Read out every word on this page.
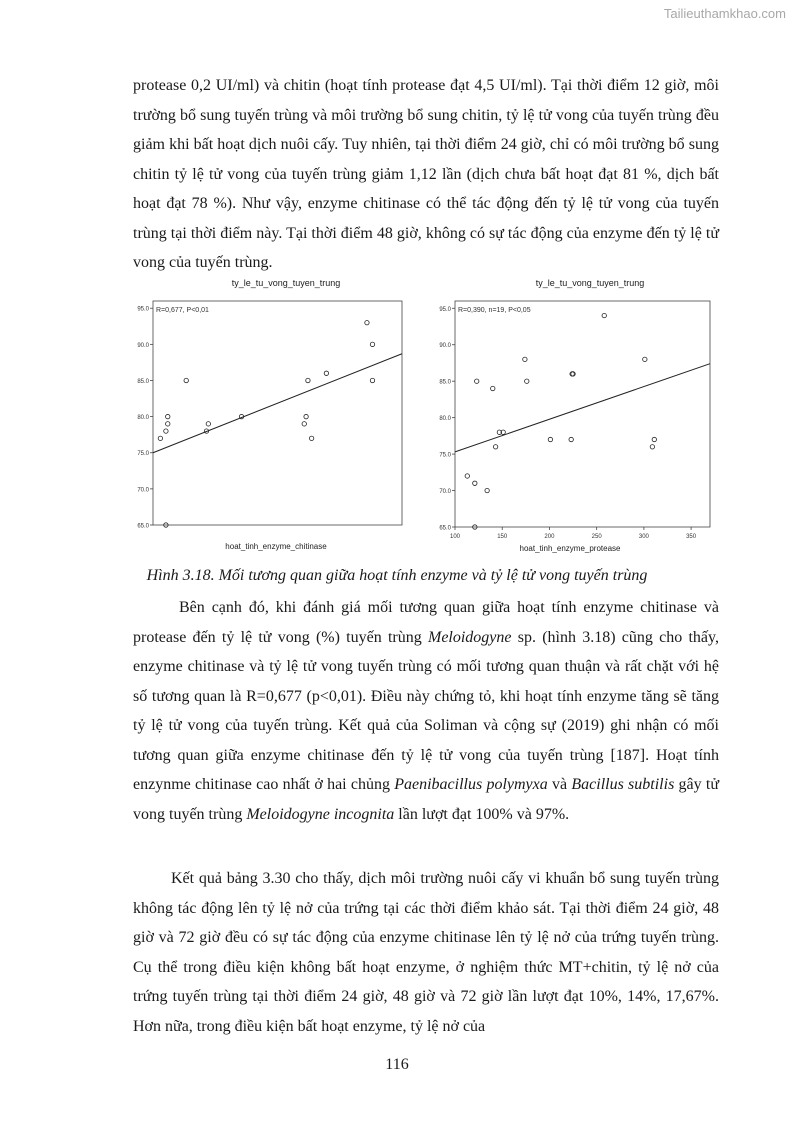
Tailieuthamkhao.com

protease 0,2 UI/ml) và chitin (hoạt tính protease đạt 4,5 UI/ml). Tại thời điểm 12 giờ, môi trường bổ sung tuyến trùng và môi trường bổ sung chitin, tỷ lệ tử vong của tuyến trùng đều giảm khi bất hoạt dịch nuôi cấy. Tuy nhiên, tại thời điểm 24 giờ, chỉ có môi trường bổ sung chitin tỷ lệ tử vong của tuyến trùng giảm 1,12 lần (dịch chưa bất hoạt đạt 81 %, dịch bất hoạt đạt 78 %). Như vậy, enzyme chitinase có thể tác động đến tỷ lệ tử vong của tuyến trùng tại thời điểm này. Tại thời điểm 48 giờ, không có sự tác động của enzyme đến tỷ lệ tử vong của tuyến trùng.

ty_le_tu_vong_tuyen_trung
R=0,677, P<0,01
65.0
70.0
75.0
80.0
85.0
90.0
95.0
hoat_tinh_enzyme_chitinase
ty_le_tu_vong_tuyen_trung
R=0,390, n=19, P<0,05
65.0
70.0
75.0
80.0
85.0
90.0
95.0
100	150	200	250	300	350
hoat_tinh_enzyme_protease
Hình 3.18. Mối tương quan giữa hoạt tính enzyme và tỷ lệ tử vong tuyến trùng

Bên cạnh đó, khi đánh giá mối tương quan giữa hoạt tính enzyme chitinase và protease đến tỷ lệ tử vong (%) tuyến trùng Meloidogyne sp. (hình 3.18) cũng cho thấy, enzyme chitinase và tỷ lệ tử vong tuyến trùng có mối tương quan thuận và rất chặt với hệ số tương quan là R=0,677 (p<0,01). Điều này chứng tỏ, khi hoạt tính enzyme tăng sẽ tăng tỷ lệ tử vong của tuyến trùng. Kết quả của Soliman và cộng sự (2019) ghi nhận có mối tương quan giữa enzyme chitinase đến tỷ lệ tử vong của tuyến trùng [187]. Hoạt tính enzynme chitinase cao nhất ở hai chủng Paenibacillus polymyxa và Bacillus subtilis gây tử vong tuyến trùng Meloidogyne incognita lần lượt đạt 100% và 97%.

Kết quả bảng 3.30 cho thấy, dịch môi trường nuôi cấy vi khuẩn bổ sung tuyến trùng không tác động lên tỷ lệ nở của trứng tại các thời điểm khảo sát. Tại thời điểm 24 giờ, 48 giờ và 72 giờ đều có sự tác động của enzyme chitinase lên tỷ lệ nở của trứng tuyến trùng. Cụ thể trong điều kiện không bất hoạt enzyme, ở nghiệm thức MT+chitin, tỷ lệ nở của trứng tuyến trùng tại thời điểm 24 giờ, 48 giờ và 72 giờ lần lượt đạt 10%, 14%, 17,67%. Hơn nữa, trong điều kiện bất hoạt enzyme, tỷ lệ nở của

116
